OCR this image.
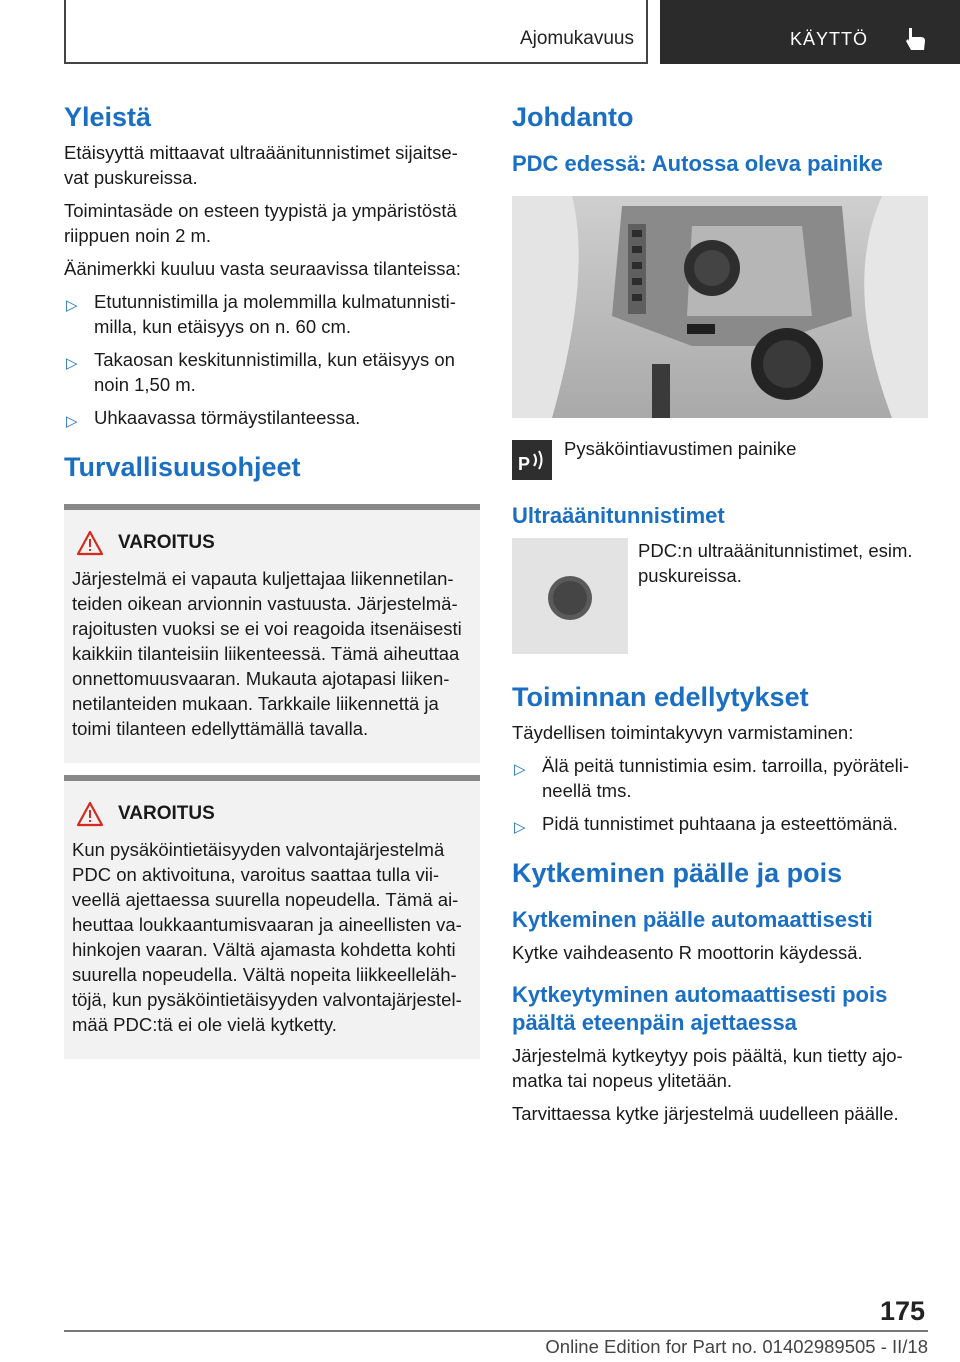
Ajomukavuus	KÄYTTÖ
Yleistä

Etäisyyttä mittaavat ultraäänitunnistimet sijaitse-vat puskureissa.

Toimintasäde on esteen tyypistä ja ympäristöstä riippuen noin 2 m.

Äänimerkki kuuluu vasta seuraavissa tilanteissa:

▷ Etutunnistimilla ja molemmilla kulmatunnisti-milla, kun etäisyys on n. 60 cm.
▷ Takaosan keskitunnistimilla, kun etäisyys on noin 1,50 m.
▷ Uhkaavassa törmäystilanteessa.
Turvallisuusohjeet
VAROITUS

Järjestelmä ei vapauta kuljettajaa liikennetilan-teiden oikean arvionnin vastuusta. Järjestelmä-rajoitusten vuoksi se ei voi reagoida itsenäisesti kaikkiin tilanteisiin liikenteessä. Tämä aiheuttaa onnettomuusvaaran. Mukauta ajotapasi liiken-netilanteiden mukaan. Tarkkaile liikennettä ja toimi tilanteen edellyttämällä tavalla.

VAROITUS

Kun pysäköintietäisyyden valvontajärjestelmä PDC on aktivoituna, varoitus saattaa tulla vii-veellä ajettaessa suurella nopeudella. Tämä ai-heuttaa loukkaantumisvaaran ja aineellisten va-hinkojen vaaran. Vältä ajamasta kohdetta kohti suurella nopeudella. Vältä nopeita liikkeelleläh-töjä, kun pysäköintietäisyyden valvontajärjestel-mää PDC:tä ei ole vielä kytketty.

Johdanto
PDC edessä: Autossa oleva painike
P

Pysäköintiavustimen painike

Ultraäänitunnistimet

PDC:n ultraäänitunnistimet, esim. puskureissa.

Toiminnan edellytykset

Täydellisen toimintakyvyn varmistaminen:

▷ Älä peitä tunnistimia esim. tarroilla, pyöräteli-neellä tms.
▷ Pidä tunnistimet puhtaana ja esteettömänä.
Kytkeminen päälle ja pois
Kytkeminen päälle automaattisesti

Kytke vaihdeasento R moottorin käydessä.

Kytkeytyminen automaattisesti pois päältä eteenpäin ajettaessa

Järjestelmä kytkeytyy pois päältä, kun tietty ajo-matka tai nopeus ylitetään.

Tarvittaessa kytke järjestelmä uudelleen päälle.

175
Online Edition for Part no. 01402989505 - II/18
